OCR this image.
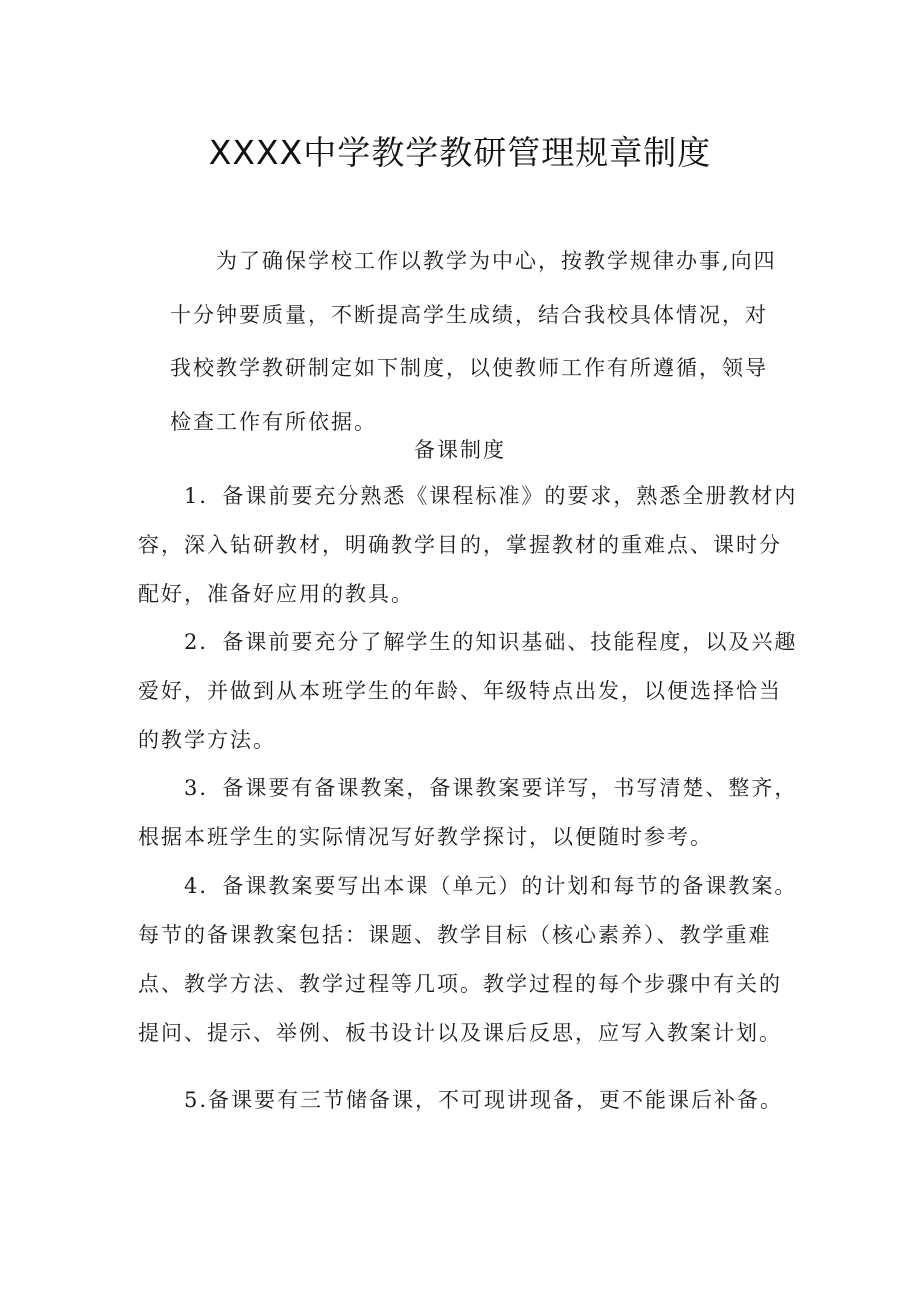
XXXX中学教学教研管理规章制度

为了确保学校工作以教学为中心，按教学规律办事,向四十分钟要质量，不断提高学生成绩，结合我校具体情况，对我校教学教研制定如下制度，以使教师工作有所遵循，领导检查工作有所依据。

备课制度

1．备课前要充分熟悉《课程标准》的要求，熟悉全册教材内容，深入钻研教材，明确教学目的，掌握教材的重难点、课时分配好，准备好应用的教具。

2．备课前要充分了解学生的知识基础、技能程度，以及兴趣爱好，并做到从本班学生的年龄、年级特点出发，以便选择恰当的教学方法。

3．备课要有备课教案，备课教案要详写，书写清楚、整齐，根据本班学生的实际情况写好教学探讨，以便随时参考。

4．备课教案要写出本课（单元）的计划和每节的备课教案。每节的备课教案包括：课题、教学目标（核心素养）、教学重难点、教学方法、教学过程等几项。教学过程的每个步骤中有关的提问、提示、举例、板书设计以及课后反思，应写入教案计划。

5.备课要有三节储备课，不可现讲现备，更不能课后补备。
